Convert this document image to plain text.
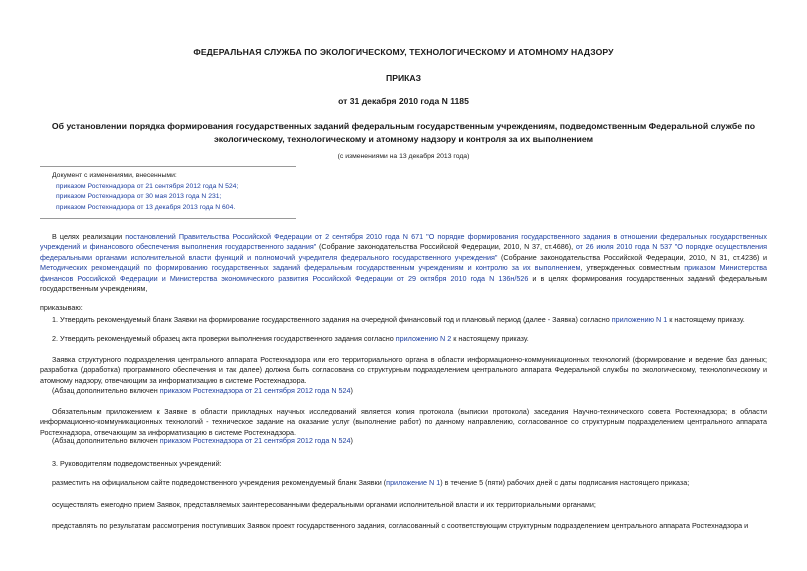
ФЕДЕРАЛЬНАЯ СЛУЖБА ПО ЭКОЛОГИЧЕСКОМУ, ТЕХНОЛОГИЧЕСКОМУ И АТОМНОМУ НАДЗОРУ
ПРИКАЗ
от 31 декабря 2010 года N 1185
Об установлении порядка формирования государственных заданий федеральным государственным учреждениям, подведомственным Федеральной службе по экологическому, технологическому и атомному надзору и контроля за их выполнением
(с изменениями на 13 декабря 2013 года)
Документ с изменениями, внесенными:
приказом Ростехнадзора от 21 сентября 2012 года N 524;
приказом Ростехнадзора от 30 мая 2013 года N 231;
приказом Ростехнадзора от 13 декабря 2013 года N 604.

В целях реализации постановлений Правительства Российской Федерации от 2 сентября 2010 года N 671 "О порядке формирования государственного задания в отношении федеральных государственных учреждений и финансового обеспечения выполнения государственного задания" (Собрание законодательства Российской Федерации, 2010, N 37, ст.4686), от 26 июля 2010 года N 537 "О порядке осуществления федеральными органами исполнительной власти функций и полномочий учредителя федерального государственного учреждения" (Собрание законодательства Российской Федерации, 2010, N 31, ст.4236) и Методических рекомендаций по формированию государственных заданий федеральным государственным учреждениям и контролю за их выполнением, утвержденных совместным приказом Министерства финансов Российской Федерации и Министерства экономического развития Российской Федерации от 29 октября 2010 года N 136н/526 и в целях формирования государственных заданий федеральным государственным учреждениям,

приказываю:

1. Утвердить рекомендуемый бланк Заявки на формирование государственного задания на очередной финансовый год и плановый период (далее - Заявка) согласно приложению N 1 к настоящему приказу.

2. Утвердить рекомендуемый образец акта проверки выполнения государственного задания согласно приложению N 2 к настоящему приказу.

Заявка структурного подразделения центрального аппарата Ростехнадзора или его территориального органа в области информационно-коммуникационных технологий (формирование и ведение баз данных; разработка (доработка) программного обеспечения и так далее) должна быть согласована со структурным подразделением центрального аппарата Федеральной службы по экологическому, технологическому и атомному надзору, отвечающим за информатизацию в системе Ростехнадзора.

(Абзац дополнительно включен приказом Ростехнадзора от 21 сентября 2012 года N 524)

Обязательным приложением к Заявке в области прикладных научных исследований является копия протокола (выписки протокола) заседания Научно-технического совета Ростехнадзора; в области информационно-коммуникационных технологий - техническое задание на оказание услуг (выполнение работ) по данному направлению, согласованное со структурным подразделением центрального аппарата Ростехнадзора, отвечающим за информатизацию в системе Ростехнадзора.

(Абзац дополнительно включен приказом Ростехнадзора от 21 сентября 2012 года N 524)

3. Руководителям подведомственных учреждений:

разместить на официальном сайте подведомственного учреждения рекомендуемый бланк Заявки (приложение N 1) в течение 5 (пяти) рабочих дней с даты подписания настоящего приказа;

осуществлять ежегодно прием Заявок, представляемых заинтересованными федеральными органами исполнительной власти и их территориальными органами;

представлять по результатам рассмотрения поступивших Заявок проект государственного задания, согласованный с соответствующим структурным подразделением центрального аппарата Ростехнадзора и
